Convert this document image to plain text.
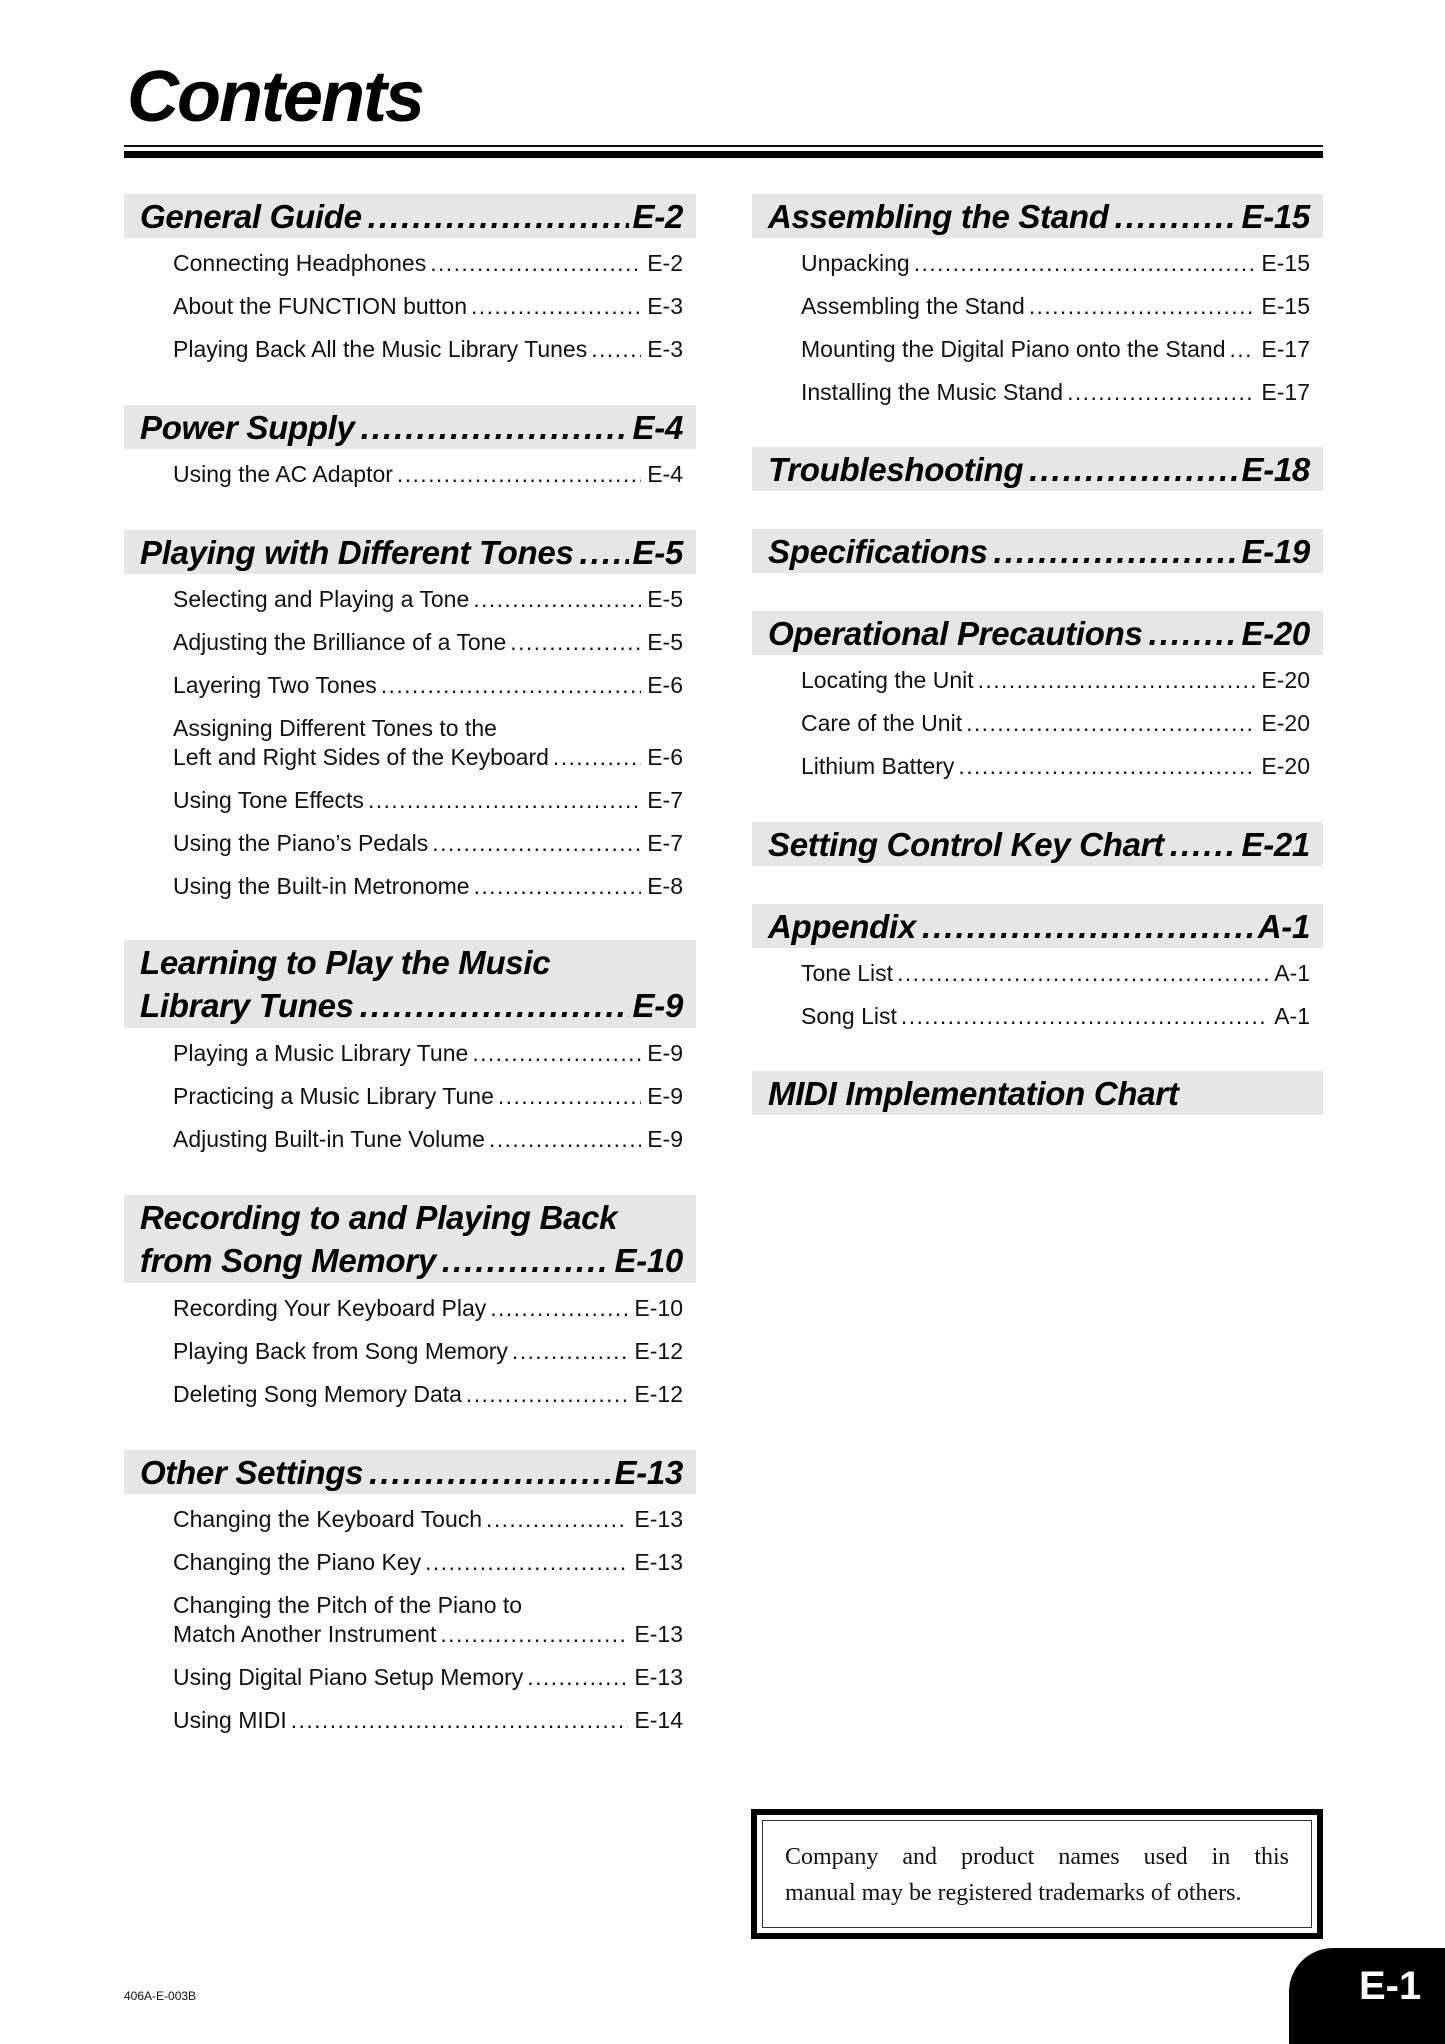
Contents
General Guide .....	E-2
Connecting Headphones .....	E-2
About the FUNCTION button .....	E-3
Playing Back All the Music Library Tunes .....	E-3
Power Supply .....	E-4
Using the AC Adaptor .....	E-4
Playing with Different Tones ..... E-5
Selecting and Playing a Tone .....	E-5
Adjusting the Brilliance of a Tone .....	E-5
Layering Two Tones .....	E-6
Assigning Different Tones to the
Left and Right Sides of the Keyboard .....	E-6
Using Tone Effects .....	E-7
Using the Piano’s Pedals .....	E-7
Using the Built-in Metronome .....	E-8
Learning to Play the Music
Library Tunes .....	E-9
Playing a Music Library Tune .....	E-9
Practicing a Music Library Tune .....	E-9
Adjusting Built-in Tune Volume .....	E-9
Recording to and Playing Back
from Song Memory .....	E-10
Recording Your Keyboard Play .....	E-10
Playing Back from Song Memory .....	E-12
Deleting Song Memory Data .....	E-12
Other Settings .....	E-13
Changing the Keyboard Touch .....	E-13
Changing the Piano Key .....	E-13
Changing the Pitch of the Piano to
Match Another Instrument .....	E-13
Using Digital Piano Setup Memory .....	E-13
Using MIDI .....	E-14
Assembling the Stand .....	E-15
Unpacking .....	E-15
Assembling the Stand .....	E-15
Mounting the Digital Piano onto the Stand ..... E-17
Installing the Music Stand .....	E-17
Troubleshooting .....	E-18
Specifications .....	E-19
Operational Precautions .....	E-20
Locating the Unit .....	E-20
Care of the Unit .....	E-20
Lithium Battery .....	E-20
Setting Control Key Chart ..... E-21
Appendix .....	A-1
Tone List .....	A-1
Song List .....	A-1
MIDI Implementation Chart
Company and product names used in this
manual may be registered trademarks of others.
406A-E-003B	E-1
